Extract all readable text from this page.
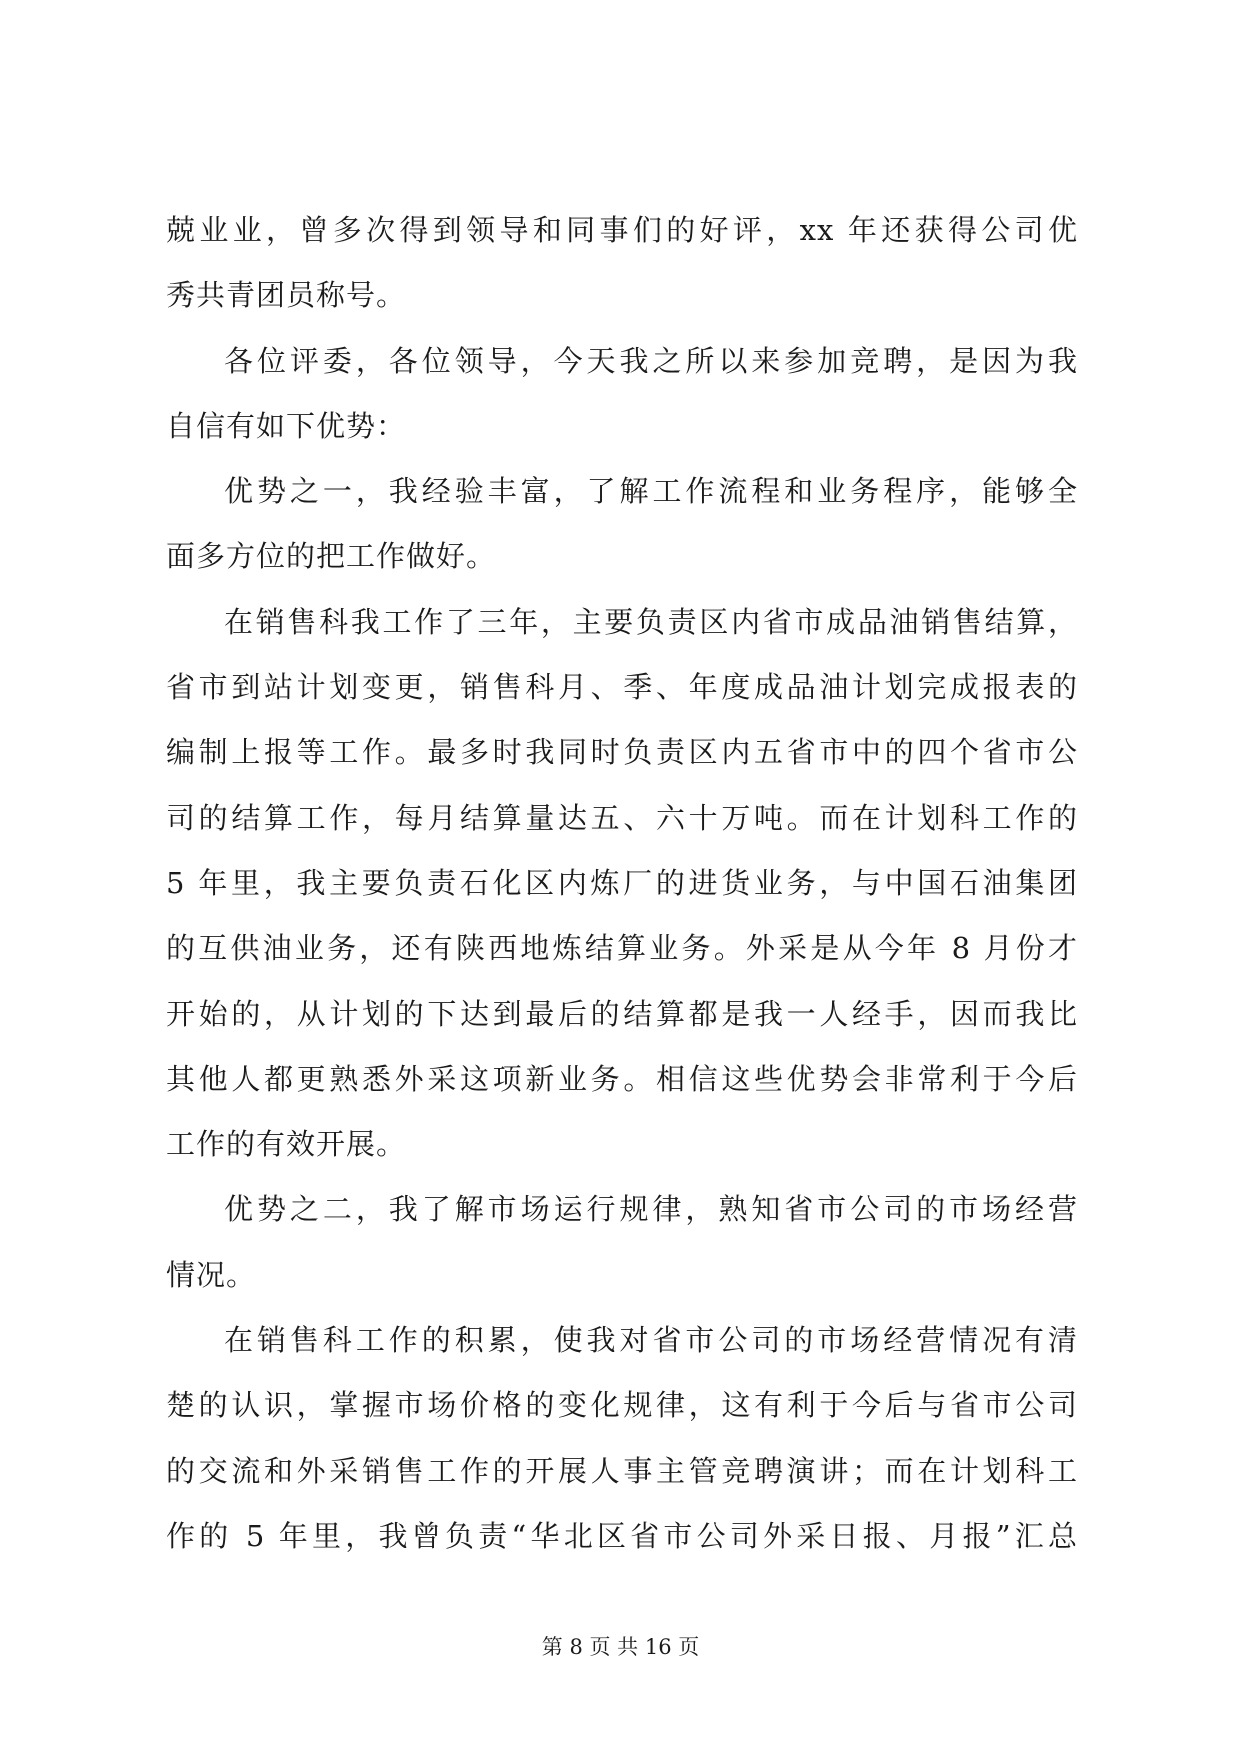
兢业业，曾多次得到领导和同事们的好评，xx 年还获得公司优
秀共青团员称号。
各位评委，各位领导，今天我之所以来参加竞聘，是因为我
自信有如下优势：
优势之一，我经验丰富，了解工作流程和业务程序，能够全
面多方位的把工作做好。
在销售科我工作了三年，主要负责区内省市成品油销售结算，
省市到站计划变更，销售科月、季、年度成品油计划完成报表的
编制上报等工作。最多时我同时负责区内五省市中的四个省市公
司的结算工作，每月结算量达五、六十万吨。而在计划科工作的
5 年里，我主要负责石化区内炼厂的进货业务，与中国石油集团
的互供油业务，还有陕西地炼结算业务。外采是从今年 8 月份才
开始的，从计划的下达到最后的结算都是我一人经手，因而我比
其他人都更熟悉外采这项新业务。相信这些优势会非常利于今后
工作的有效开展。
优势之二，我了解市场运行规律，熟知省市公司的市场经营
情况。
在销售科工作的积累，使我对省市公司的市场经营情况有清
楚的认识，掌握市场价格的变化规律，这有利于今后与省市公司
的交流和外采销售工作的开展人事主管竞聘演讲；而在计划科工
作的 5 年里，我曾负责“华北区省市公司外采日报、月报”汇总
第 8 页 共 16 页
